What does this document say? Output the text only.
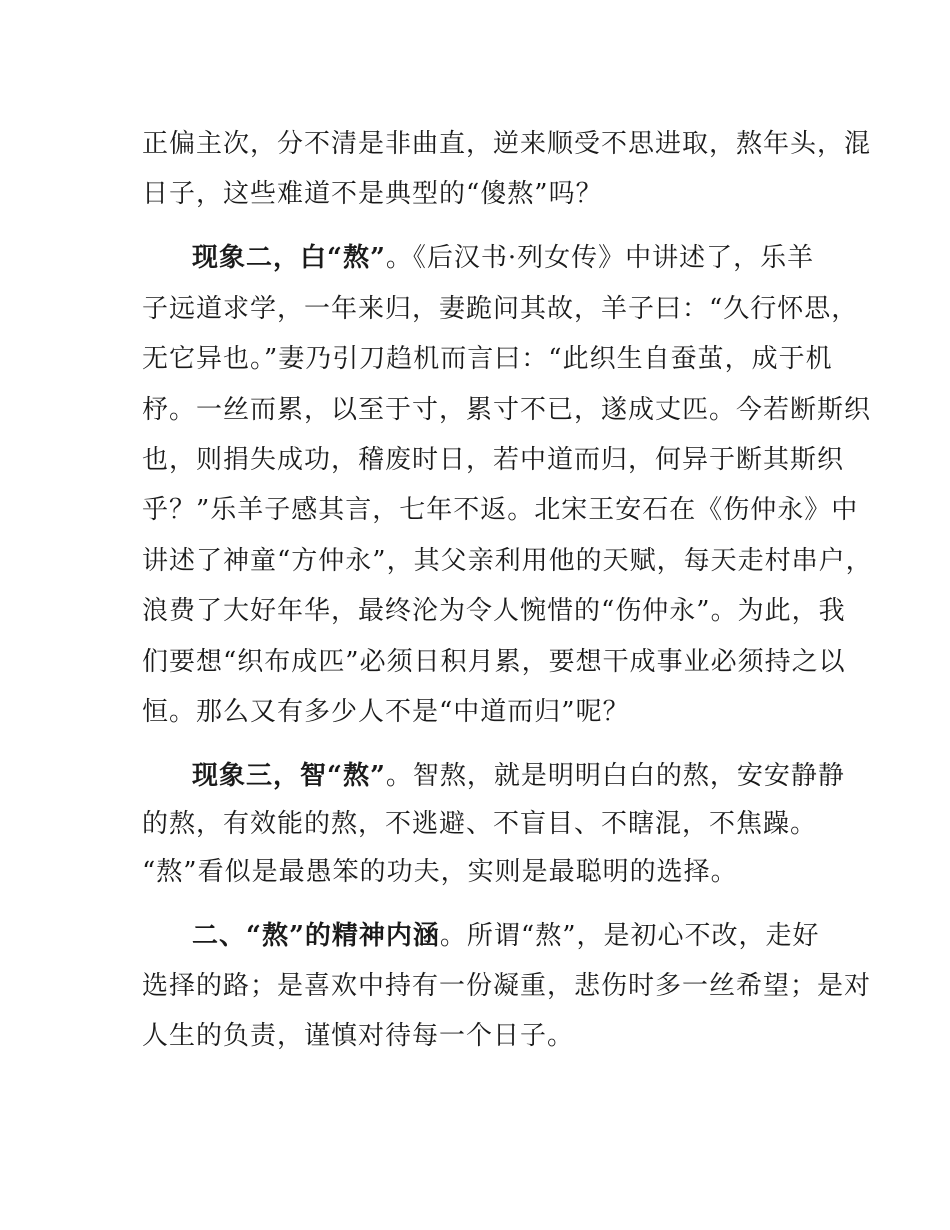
正偏主次，分不清是非曲直，逆来顺受不思进取，熬年头，混
日子，这些难道不是典型的“傻熬”吗？
现象二，白“熬”。《后汉书·列女传》中讲述了，乐羊
子远道求学，一年来归，妻跪问其故，羊子曰：“久行怀思，
无它异也。”妻乃引刀趋机而言曰：“此织生自蚕茧，成于机
杼。一丝而累，以至于寸，累寸不已，遂成丈匹。今若断斯织
也，则捐失成功，稽废时日，若中道而归，何异于断其斯织
乎？”乐羊子感其言，七年不返。北宋王安石在《伤仲永》中
讲述了神童“方仲永”，其父亲利用他的天赋，每天走村串户，
浪费了大好年华，最终沦为令人惋惜的“伤仲永”。为此，我
们要想“织布成匹”必须日积月累，要想干成事业必须持之以
恒。那么又有多少人不是“中道而归”呢？
现象三，智“熬”。智熬，就是明明白白的熬，安安静静
的熬，有效能的熬，不逃避、不盲目、不瞎混，不焦躁。
“熬”看似是最愚笨的功夫，实则是最聪明的选择。
二、“熬”的精神内涵。所谓“熬”，是初心不改，走好
选择的路；是喜欢中持有一份凝重，悲伤时多一丝希望；是对
人生的负责，谨慎对待每一个日子。
